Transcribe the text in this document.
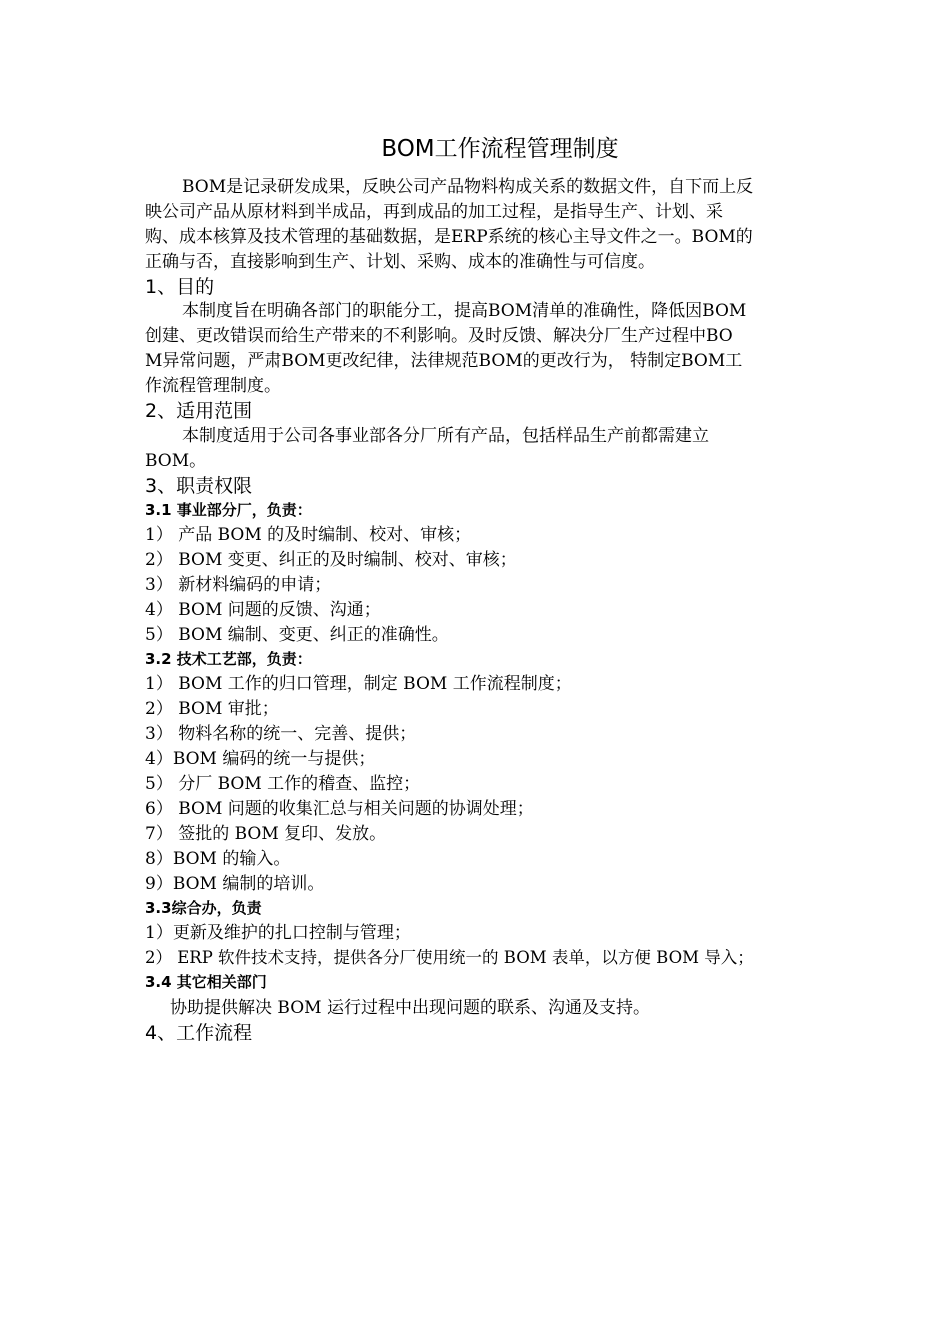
BOM工作流程管理制度
BOM是记录研发成果，反映公司产品物料构成关系的数据文件，自下而上反
映公司产品从原材料到半成品，再到成品的加工过程，是指导生产、计划、采
购、成本核算及技术管理的基础数据，是ERP系统的核心主导文件之一。BOM的
正确与否，直接影响到生产、计划、采购、成本的准确性与可信度。
1、目的
本制度旨在明确各部门的职能分工，提高BOM清单的准确性，降低因BOM
创建、更改错误而给生产带来的不利影响。及时反馈、解决分厂生产过程中BO
M异常问题，严肃BOM更改纪律，法律规范BOM的更改行为， 特制定BOM工
作流程管理制度。
2、适用范围
本制度适用于公司各事业部各分厂所有产品，包括样品生产前都需建立
BOM。
3、职责权限
3.1 事业部分厂，负责：
1） 产品 BOM 的及时编制、校对、审核；
2） BOM 变更、纠正的及时编制、校对、审核；
3） 新材料编码的申请；
4） BOM 问题的反馈、沟通；
5） BOM 编制、变更、纠正的准确性。
3.2 技术工艺部，负责：
1） BOM 工作的归口管理，制定 BOM 工作流程制度；
2） BOM 审批；
3） 物料名称的统一、完善、提供；
4）BOM 编码的统一与提供；
5） 分厂 BOM 工作的稽查、监控；
6） BOM 问题的收集汇总与相关问题的协调处理；
7） 签批的 BOM 复印、发放。
8）BOM 的输入。
9）BOM 编制的培训。
3.3综合办，负责
1）更新及维护的扎口控制与管理；
2） ERP 软件技术支持，提供各分厂使用统一的 BOM 表单，以方便 BOM 导入；
3.4 其它相关部门
协助提供解决 BOM 运行过程中出现问题的联系、沟通及支持。
4、工作流程
